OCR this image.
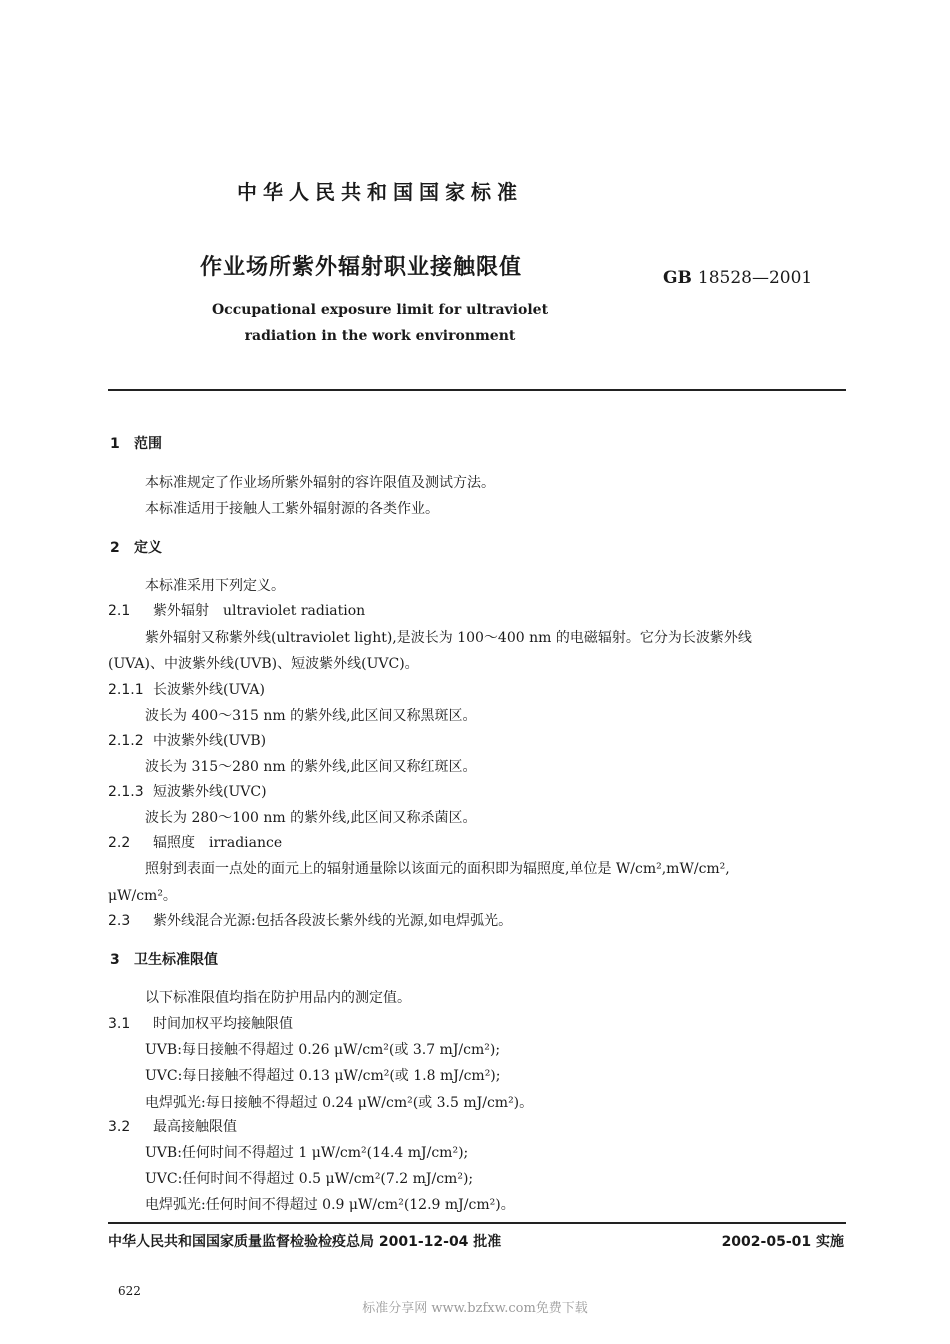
中华人民共和国国家标准
作业场所紫外辐射职业接触限值	GB 18528—2001
Occupational exposure limit for ultraviolet
radiation in the work environment
1 范围
本标准规定了作业场所紫外辐射的容许限值及测试方法。
本标准适用于接触人工紫外辐射源的各类作业。
2 定义
本标准采用下列定义。
2.1 紫外辐射　ultraviolet radiation
紫外辐射又称紫外线(ultraviolet light),是波长为 100～400 nm 的电磁辐射。它分为长波紫外线
(UVA)、中波紫外线(UVB)、短波紫外线(UVC)。
2.1.1 长波紫外线(UVA)
波长为 400～315 nm 的紫外线,此区间又称黑斑区。
2.1.2 中波紫外线(UVB)
波长为 315～280 nm 的紫外线,此区间又称红斑区。
2.1.3 短波紫外线(UVC)
波长为 280～100 nm 的紫外线,此区间又称杀菌区。
2.2 辐照度　irradiance
照射到表面一点处的面元上的辐射通量除以该面元的面积即为辐照度,单位是 W/cm²,mW/cm²,
μW/cm²。
2.3 紫外线混合光源:包括各段波长紫外线的光源,如电焊弧光。
3 卫生标准限值
以下标准限值均指在防护用品内的测定值。
3.1 时间加权平均接触限值
UVB:每日接触不得超过 0.26 μW/cm²(或 3.7 mJ/cm²);
UVC:每日接触不得超过 0.13 μW/cm²(或 1.8 mJ/cm²);
电焊弧光:每日接触不得超过 0.24 μW/cm²(或 3.5 mJ/cm²)。
3.2 最高接触限值
UVB:任何时间不得超过 1 μW/cm²(14.4 mJ/cm²);
UVC:任何时间不得超过 0.5 μW/cm²(7.2 mJ/cm²);
电焊弧光:任何时间不得超过 0.9 μW/cm²(12.9 mJ/cm²)。
中华人民共和国国家质量监督检验检疫总局 2001-12-04 批准	2002-05-01 实施
622
标准分享网 www.bzfxw.com免费下载
